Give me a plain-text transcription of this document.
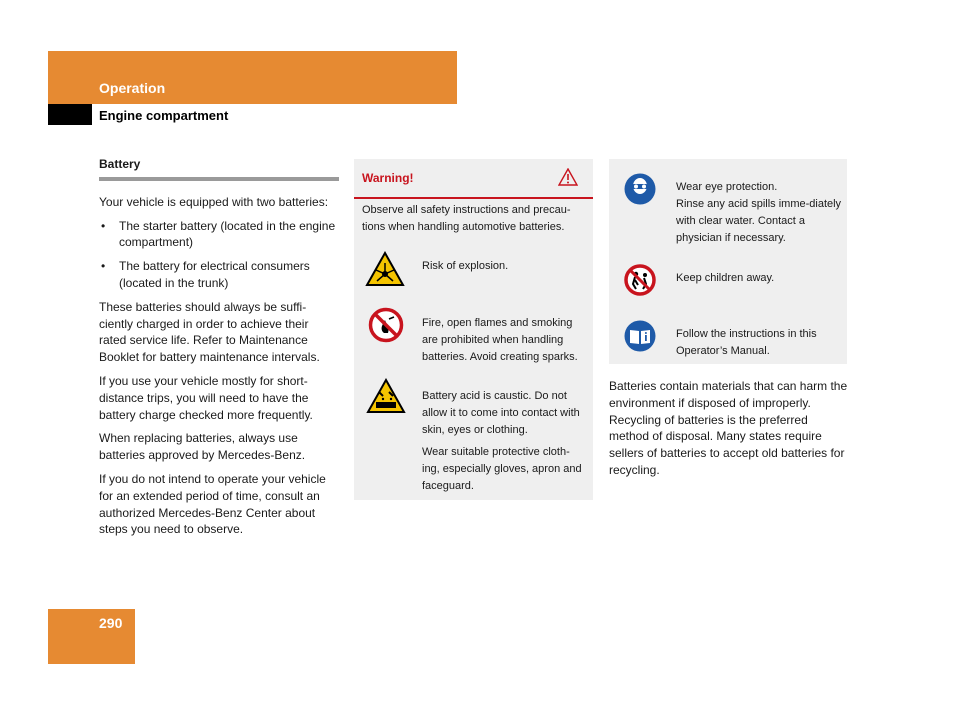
Operation
Engine compartment
Battery

Your vehicle is equipped with two batteries:

• The starter battery (located in the engine compartment)
• The battery for electrical consumers (located in the trunk)

These batteries should always be suffi-ciently charged in order to achieve their rated service life. Refer to Maintenance Booklet for battery maintenance intervals.

If you use your vehicle mostly for short-distance trips, you will need to have the battery charge checked more frequently.

When replacing batteries, always use batteries approved by Mercedes-Benz.

If you do not intend to operate your vehicle for an extended period of time, consult an authorized Mercedes-Benz Center about steps you need to observe.

Warning!
Observe all safety instructions and precau-tions when handling automotive batteries.
Risk of explosion.
Fire, open flames and smoking are prohibited when handling batteries. Avoid creating sparks.
Battery acid is caustic. Do not allow it to come into contact with skin, eyes or clothing.
Wear suitable protective cloth-ing, especially gloves, apron and faceguard.
Wear eye protection.
Rinse any acid spills imme-diately with clear water. Contact a physician if necessary.
Keep children away.
Follow the instructions in this Operator’s Manual.
Batteries contain materials that can harm the environment if disposed of improperly. Recycling of batteries is the preferred method of disposal. Many states require sellers of batteries to accept old batteries for recycling.
290
